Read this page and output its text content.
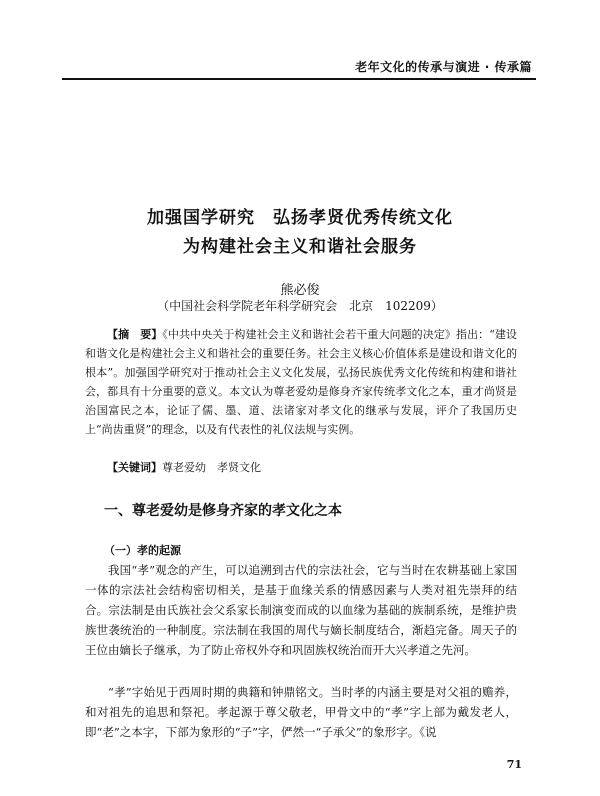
老年文化的传承与演进 · 传承篇
加强国学研究　弘扬孝贤优秀传统文化
为构建社会主义和谐社会服务
熊必俊
（中国社会科学院老年科学研究会　北京　102209）

【摘　要】《中共中央关于构建社会主义和谐社会若干重大问题的决定》指出：“建设和谐文化是构建社会主义和谐社会的重要任务。社会主义核心价值体系是建设和谐文化的根本”。加强国学研究对于推动社会主义文化发展，弘扬民族优秀文化传统和构建和谐社会，都具有十分重要的意义。本文认为尊老爱幼是修身齐家传统孝文化之本，重才尚贤是治国富民之本，论证了儒、墨、道、法诸家对孝文化的继承与发展，评介了我国历史上“尚齿重贤”的理念，以及有代表性的礼仪法规与实例。

【关键词】尊老爱幼　孝贤文化
一、尊老爱幼是修身齐家的孝文化之本
（一）孝的起源

我国“孝”观念的产生，可以追溯到古代的宗法社会，它与当时在农耕基础上家国一体的宗法社会结构密切相关，是基于血缘关系的情感因素与人类对祖先崇拜的结合。宗法制是由氏族社会父系家长制演变而成的以血缘为基础的族制系统，是维护贵族世袭统治的一种制度。宗法制在我国的周代与嫡长制度结合，渐趋完备。周天子的王位由嫡长子继承，为了防止帝权外夺和巩固族权统治而开大兴孝道之先河。

“孝”字始见于西周时期的典籍和钟鼎铭文。当时孝的内涵主要是对父祖的赡养，和对祖先的追思和祭祀。孝起源于尊父敬老，甲骨文中的“孝”字上部为戴发老人，即“老”之本字，下部为象形的“子”字，俨然一“子承父”的象形字。《说

71
